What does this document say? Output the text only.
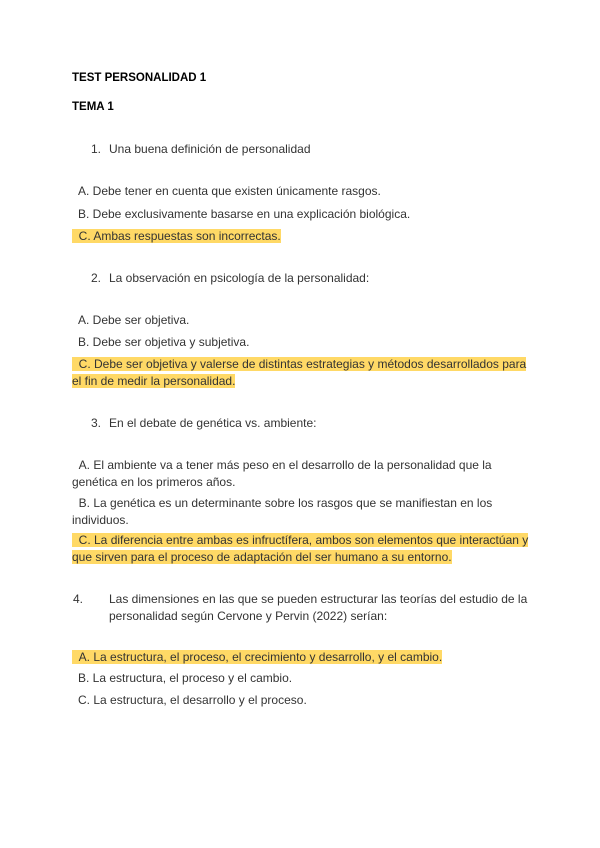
TEST PERSONALIDAD 1
TEMA 1
1. Una buena definición de personalidad
A. Debe tener en cuenta que existen únicamente rasgos.
B. Debe exclusivamente basarse en una explicación biológica.
C. Ambas respuestas son incorrectas.
2. La observación en psicología de la personalidad:
A. Debe ser objetiva.
B. Debe ser objetiva y subjetiva.
C. Debe ser objetiva y valerse de distintas estrategias y métodos desarrollados para el fin de medir la personalidad.
3. En el debate de genética vs. ambiente:
A. El ambiente va a tener más peso en el desarrollo de la personalidad que la genética en los primeros años.
B. La genética es un determinante sobre los rasgos que se manifiestan en los individuos.
C. La diferencia entre ambas es infructífera, ambos son elementos que interactúan y que sirven para el proceso de adaptación del ser humano a su entorno.
4. Las dimensiones en las que se pueden estructurar las teorías del estudio de la personalidad según Cervone y Pervin (2022) serían:
A. La estructura, el proceso, el crecimiento y desarrollo, y el cambio.
B. La estructura, el proceso y el cambio.
C. La estructura, el desarrollo y el proceso.
